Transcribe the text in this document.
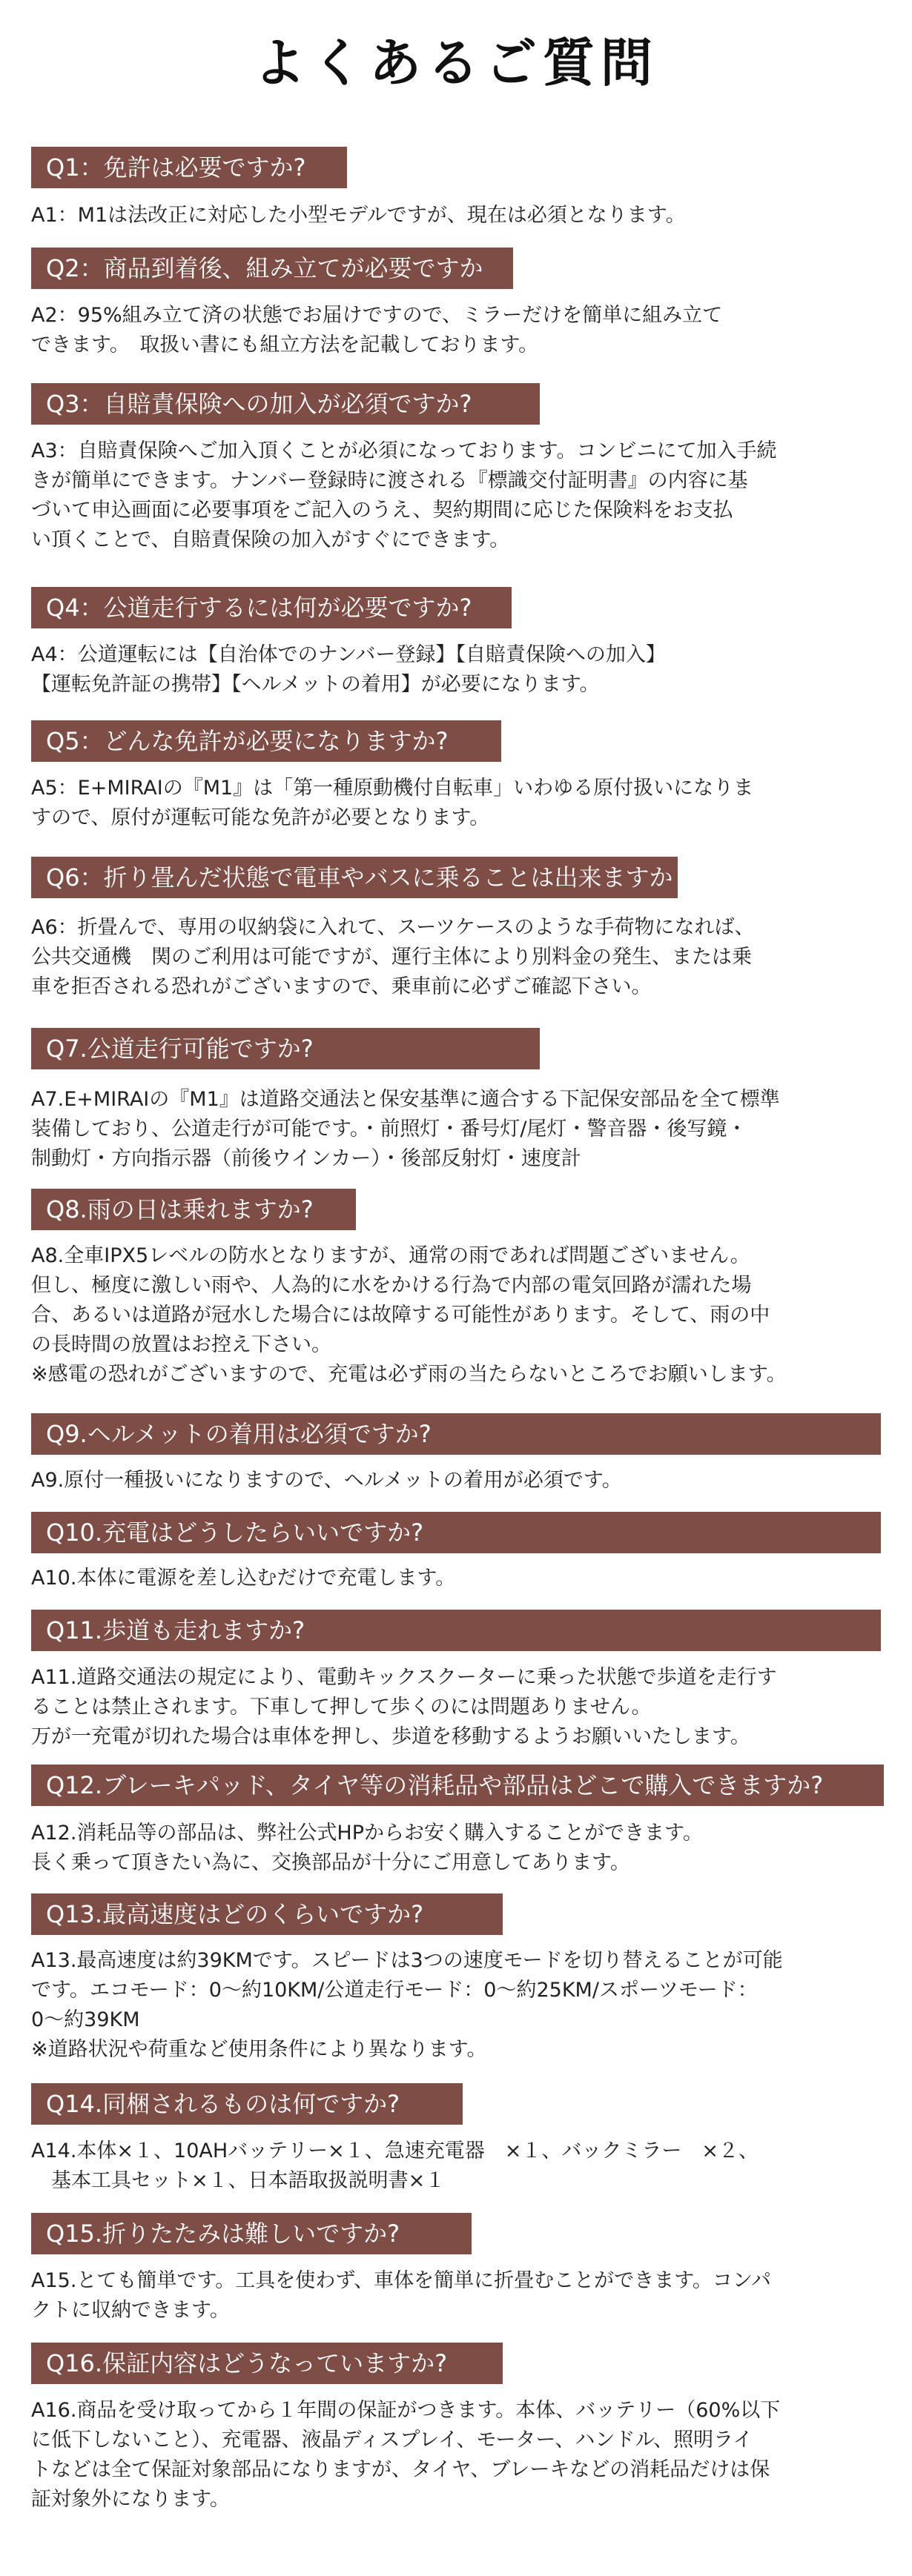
よくあるご質問
Q1：免許は必要ですか?
A1：M1は法改正に対応した小型モデルですが、現在は必須となります。
Q2：商品到着後、組み立てが必要ですか
A2：95%組み立て済の状態でお届けですので、ミラーだけを簡単に組み立て
できます。　取扱い書にも組立方法を記載しております。
Q3：自賠責保険への加入が必須ですか?
A3：自賠責保険へご加入頂くことが必須になっております。コンビニにて加入手続
きが簡単にできます。ナンバー登録時に渡される『標識交付証明書』の内容に基
づいて申込画面に必要事項をご記入のうえ、契約期間に応じた保険料をお支払
い頂くことで、自賠責保険の加入がすぐにできます。
Q4：公道走行するには何が必要ですか?
A4：公道運転には【自治体でのナンバー登録】【自賠責保険への加入】
【運転免許証の携帯】【ヘルメットの着用】が必要になります。
Q5：どんな免許が必要になりますか?
A5：E+MIRAIの『M1』は「第一種原動機付自転車」いわゆる原付扱いになりま
すので、原付が運転可能な免許が必要となります。
Q6：折り畳んだ状態で電車やバスに乗ることは出来ますか
A6：折畳んで、専用の収納袋に入れて、スーツケースのような手荷物になれば、
公共交通機　関のご利用は可能ですが、運行主体により別料金の発生、または乗
車を拒否される恐れがございますので、乗車前に必ずご確認下さい。
Q7.公道走行可能ですか?
A7.E+MIRAIの『M1』は道路交通法と保安基準に適合する下記保安部品を全て標準
装備しており、公道走行が可能です。・前照灯・番号灯/尾灯・警音器・後写鏡・
制動灯・方向指示器（前後ウインカー）・後部反射灯・速度計
Q8.雨の日は乗れますか?
A8.全車IPX5レベルの防水となりますが、通常の雨であれば問題ございません。
但し、極度に激しい雨や、人為的に水をかける行為で内部の電気回路が濡れた場
合、あるいは道路が冠水した場合には故障する可能性があります。そして、雨の中
の長時間の放置はお控え下さい。
※感電の恐れがございますので、充電は必ず雨の当たらないところでお願いします。
Q9.ヘルメットの着用は必須ですか?
A9.原付一種扱いになりますので、ヘルメットの着用が必須です。
Q10.充電はどうしたらいいですか?
A10.本体に電源を差し込むだけで充電します。
Q11.歩道も走れますか?
A11.道路交通法の規定により、電動キックスクーターに乗った状態で歩道を走行す
ることは禁止されます。下車して押して歩くのには問題ありません。
万が一充電が切れた場合は車体を押し、歩道を移動するようお願いいたします。
Q12.ブレーキパッド、タイヤ等の消耗品や部品はどこで購入できますか?
A12.消耗品等の部品は、弊社公式HPからお安く購入することができます。
長く乗って頂きたい為に、交換部品が十分にご用意してあります。
Q13.最高速度はどのくらいですか?
A13.最高速度は約39KMです。スピードは3つの速度モードを切り替えることが可能
です。エコモード：0〜約10KM/公道走行モード：0〜約25KM/スポーツモード：
0〜約39KM
※道路状況や荷重など使用条件により異なります。
Q14.同梱されるものは何ですか?
A14.本体×１、10AHバッテリー×１、急速充電器　×１、バックミラー　×２、
　基本工具セット×１、日本語取扱説明書×１
Q15.折りたたみは難しいですか?
A15.とても簡単です。工具を使わず、車体を簡単に折畳むことができます。コンパ
クトに収納できます。
Q16.保証内容はどうなっていますか?
A16.商品を受け取ってから１年間の保証がつきます。本体、バッテリー（60%以下
に低下しないこと）、充電器、液晶ディスプレイ、モーター、ハンドル、照明ライ
トなどは全て保証対象部品になりますが、タイヤ、ブレーキなどの消耗品だけは保
証対象外になります。
